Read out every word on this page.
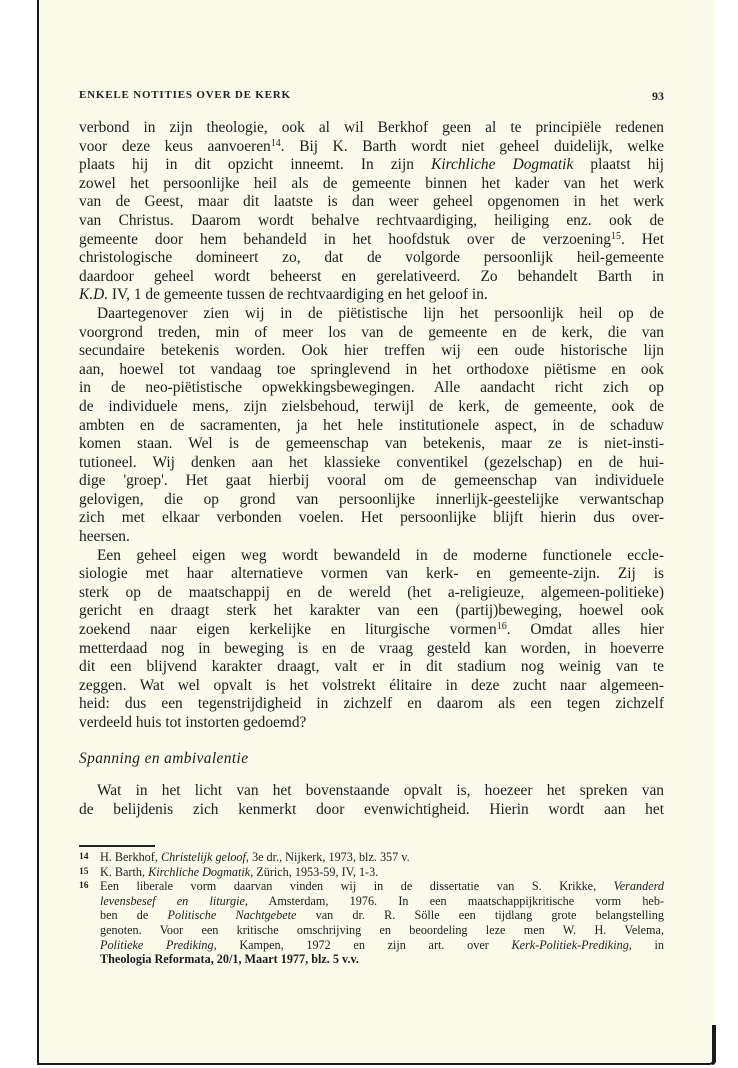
ENKELE NOTITIES OVER DE KERK	93
verbond in zijn theologie, ook al wil Berkhof geen al te principiële redenen
voor deze keus aanvoeren$^{14}$. Bij K. Barth wordt niet geheel duidelijk, welke
plaats hij in dit opzicht inneemt. In zijn Kirchliche Dogmatik plaatst hij
zowel het persoonlijke heil als de gemeente binnen het kader van het werk
van de Geest, maar dit laatste is dan weer geheel opgenomen in het werk
van Christus. Daarom wordt behalve rechtvaardiging, heiliging enz. ook de
gemeente door hem behandeld in het hoofdstuk over de verzoening$^{15}$. Het
christologische domineert zo, dat de volgorde persoonlijk heil-gemeente
daardoor geheel wordt beheerst en gerelativeerd. Zo behandelt Barth in
K.D. IV, 1 de gemeente tussen de rechtvaardiging en het geloof in.
Daartegenover zien wij in de piëtistische lijn het persoonlijk heil op de
voorgrond treden, min of meer los van de gemeente en de kerk, die van
secundaire betekenis worden. Ook hier treffen wij een oude historische lijn
aan, hoewel tot vandaag toe springlevend in het orthodoxe piëtisme en ook
in de neo-piëtistische opwekkingsbewegingen. Alle aandacht richt zich op
de individuele mens, zijn zielsbehoud, terwijl de kerk, de gemeente, ook de
ambten en de sacramenten, ja het hele institutionele aspect, in de schaduw
komen staan. Wel is de gemeenschap van betekenis, maar ze is niet-insti-
tutioneel. Wij denken aan het klassieke conventikel (gezelschap) en de hui-
dige 'groep'. Het gaat hierbij vooral om de gemeenschap van individuele
gelovigen, die op grond van persoonlijke innerlijk-geestelijke verwantschap
zich met elkaar verbonden voelen. Het persoonlijke blijft hierin dus over-
heersen.
Een geheel eigen weg wordt bewandeld in de moderne functionele eccle-
siologie met haar alternatieve vormen van kerk- en gemeente-zijn. Zij is
sterk op de maatschappij en de wereld (het a-religieuze, algemeen-politieke)
gericht en draagt sterk het karakter van een (partij)beweging, hoewel ook
zoekend naar eigen kerkelijke en liturgische vormen$^{16}$. Omdat alles hier
metterdaad nog in beweging is en de vraag gesteld kan worden, in hoeverre
dit een blijvend karakter draagt, valt er in dit stadium nog weinig van te
zeggen. Wat wel opvalt is het volstrekt élitaire in deze zucht naar algemeen-
heid: dus een tegenstrijdigheid in zichzelf en daarom als een tegen zichzelf
verdeeld huis tot instorten gedoemd?
Spanning en ambivalentie
Wat in het licht van het bovenstaande opvalt is, hoezeer het spreken van
de belijdenis zich kenmerkt door evenwichtigheid. Hierin wordt aan het
14 H. Berkhof, Christelijk geloof, 3e dr., Nijkerk, 1973, blz. 357 v.
15 K. Barth, Kirchliche Dogmatik, Zürich, 1953-59, IV, 1-3.
16 Een liberale vorm daarvan vinden wij in de dissertatie van S. Krikke, Veranderd
levensbesef en liturgie, Amsterdam, 1976. In een maatschappijkritische vorm heb-
ben de Politische Nachtgebete van dr. R. Sölle een tijdlang grote belangstelling
genoten. Voor een kritische omschrijving en beoordeling leze men W. H. Velema,
Politieke Prediking, Kampen, 1972 en zijn art. over Kerk-Politiek-Prediking, in
Theologia Reformata, 20/1, Maart 1977, blz. 5 v.v.
